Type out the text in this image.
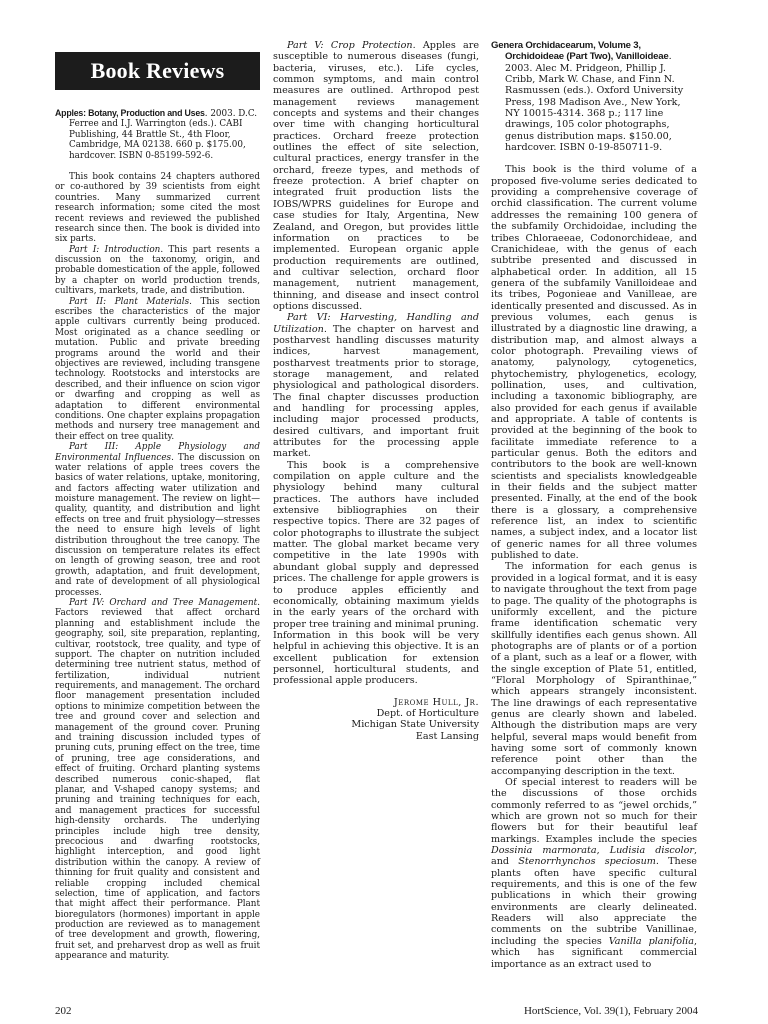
Book Reviews

Apples: Botany, Production and Uses. 2003. D.C. Ferree and I.J. Warrington (eds.). CABI Publishing, 44 Brattle St., 4th Floor, Cambridge, MA 02138. 660 p. $175.00, hardcover. ISBN 0-85199-592-6.

This book contains 24 chapters authored or co-authored by 39 scientists from eight countries. Many summarized current research information; some cited the most recent reviews and reviewed the published research since then. The book is divided into six parts.

Part I: Introduction. This part resents a discussion on the taxonomy, origin, and probable domestication of the apple, followed by a chapter on world production trends, cultivars, markets, trade, and distribution.

Part II: Plant Materials. This section escribes the characteristics of the major apple cultivars currently being produced. Most originated as a chance seedling or mutation. Public and private breeding programs around the world and their objectives are reviewed, including transgene technology. Rootstocks and interstocks are described, and their influence on scion vigor or dwarfing and cropping as well as adaptation to different environmental conditions. One chapter explains propagation methods and nursery tree management and their effect on tree quality.

Part III: Apple Physiology and Environmental Influences. The discussion on water relations of apple trees covers the basics of water relations, uptake, monitoring, and factors affecting water utilization and moisture management. The review on light—quality, quantity, and distribution and light effects on tree and fruit physiology—stresses the need to ensure high levels of light distribution throughout the tree canopy. The discussion on temperature relates its effect on length of growing season, tree and root growth, adaptation, and fruit development, and rate of development of all physiological processes.

Part IV: Orchard and Tree Management. Factors reviewed that affect orchard planning and establishment include the geography, soil, site preparation, replanting, cultivar, rootstock, tree quality, and type of support. The chapter on nutrition included determining tree nutrient status, method of fertilization, individual nutrient requirements, and management. The orchard floor management presentation included options to minimize competition between the tree and ground cover and selection and management of the ground cover. Pruning and training discussion included types of pruning cuts, pruning effect on the tree, time of pruning, tree age considerations, and effect of fruiting. Orchard planting systems described numerous conic-shaped, flat planar, and V-shaped canopy systems; and pruning and training techniques for each, and management practices for successful high-density orchards. The underlying principles include high tree density, precocious and dwarfing rootstocks, highlight interception, and good light distribution within the canopy. A review of thinning for fruit quality and consistent and reliable cropping included chemical selection, time of application, and factors that might affect their performance. Plant bioregulators (hormones) important in apple production are reviewed as to management of tree development and growth, flowering, fruit set, and preharvest drop as well as fruit appearance and maturity.

Part V: Crop Protection. Apples are susceptible to numerous diseases (fungi, bacteria, viruses, etc.). Life cycles, common symptoms, and main control measures are outlined. Arthropod pest management reviews management concepts and systems and their changes over time with changing horticultural practices. Orchard freeze protection outlines the effect of site selection, cultural practices, energy transfer in the orchard, freeze types, and methods of freeze protection. A brief chapter on integrated fruit production lists the IOBS/WPRS guidelines for Europe and case studies for Italy, Argentina, New Zealand, and Oregon, but provides little information on practices to be implemented. European organic apple production requirements are outlined, and cultivar selection, orchard floor management, nutrient management, thinning, and disease and insect control options discussed.

Part VI: Harvesting, Handling and Utilization. The chapter on harvest and postharvest handling discusses maturity indices, harvest management, postharvest treatments prior to storage, storage management, and related physiological and pathological disorders. The final chapter discusses production and handling for processing apples, including major processed products, desired cultivars, and important fruit attributes for the processing apple market.

This book is a comprehensive compilation on apple culture and the physiology behind many cultural practices. The authors have included extensive bibliographies on their respective topics. There are 32 pages of color photographs to illustrate the subject matter. The global market became very competitive in the late 1990s with abundant global supply and depressed prices. The challenge for apple growers is to produce apples efficiently and economically, obtaining maximum yields in the early years of the orchard with proper tree training and minimal pruning. Information in this book will be very helpful in achieving this objective. It is an excellent publication for extension personnel, horticultural students, and professional apple producers.

Jerome Hull, Jr.
Dept. of Horticulture
Michigan State University
East Lansing

Genera Orchidacearum, Volume 3, Orchidoideae (Part Two), Vanilloideae. 2003. Alec M. Pridgeon, Phillip J. Cribb, Mark W. Chase, and Finn N. Rasmussen (eds.). Oxford University Press, 198 Madison Ave., New York, NY 10015-4314. 368 p.; 117 line drawings, 105 color photographs, genus distribution maps. $150.00, hardcover. ISBN 0-19-850711-9.

This book is the third volume of a proposed five-volume series dedicated to providing a comprehensive coverage of orchid classification. The current volume addresses the remaining 100 genera of the subfamily Orchidoidae, including the tribes Chloraeeae, Codonorchideae, and Cranichideae, with the genus of each subtribe presented and discussed in alphabetical order. In addition, all 15 genera of the subfamily Vanilloideae and its tribes, Pogonieae and Vanilleae, are identically presented and discussed. As in previous volumes, each genus is illustrated by a diagnostic line drawing, a distribution map, and almost always a color photograph. Prevailing views of anatomy, palynology, cytogenetics, phytochemistry, phylogenetics, ecology, pollination, uses, and cultivation, including a taxonomic bibliography, are also provided for each genus if available and appropriate. A table of contents is provided at the beginning of the book to facilitate immediate reference to a particular genus. Both the editors and contributors to the book are well-known scientists and specialists knowledgeable in their fields and the subject matter presented. Finally, at the end of the book there is a glossary, a comprehensive reference list, an index to scientific names, a subject index, and a locator list of generic names for all three volumes published to date.

The information for each genus is provided in a logical format, and it is easy to navigate throughout the text from page to page. The quality of the photographs is uniformly excellent, and the picture frame identification schematic very skillfully identifies each genus shown. All photographs are of plants or of a portion of a plant, such as a leaf or a flower, with the single exception of Plate 51, entitled, “Floral Morphology of Spiranthinae,” which appears strangely inconsistent. The line drawings of each representative genus are clearly shown and labeled. Although the distribution maps are very helpful, several maps would benefit from having some sort of commonly known reference point other than the accompanying description in the text.

Of special interest to readers will be the discussions of those orchids commonly referred to as “jewel orchids,” which are grown not so much for their flowers but for their beautiful leaf markings. Examples include the species Dossinia marmorata, Ludisia discolor, and Stenorrhynchos speciosum. These plants often have specific cultural requirements, and this is one of the few publications in which their growing environments are clearly delineated. Readers will also appreciate the comments on the subtribe Vanillinae, including the species Vanilla planifolia, which has significant commercial importance as an extract used to

202	HortScience, Vol. 39(1), February 2004
